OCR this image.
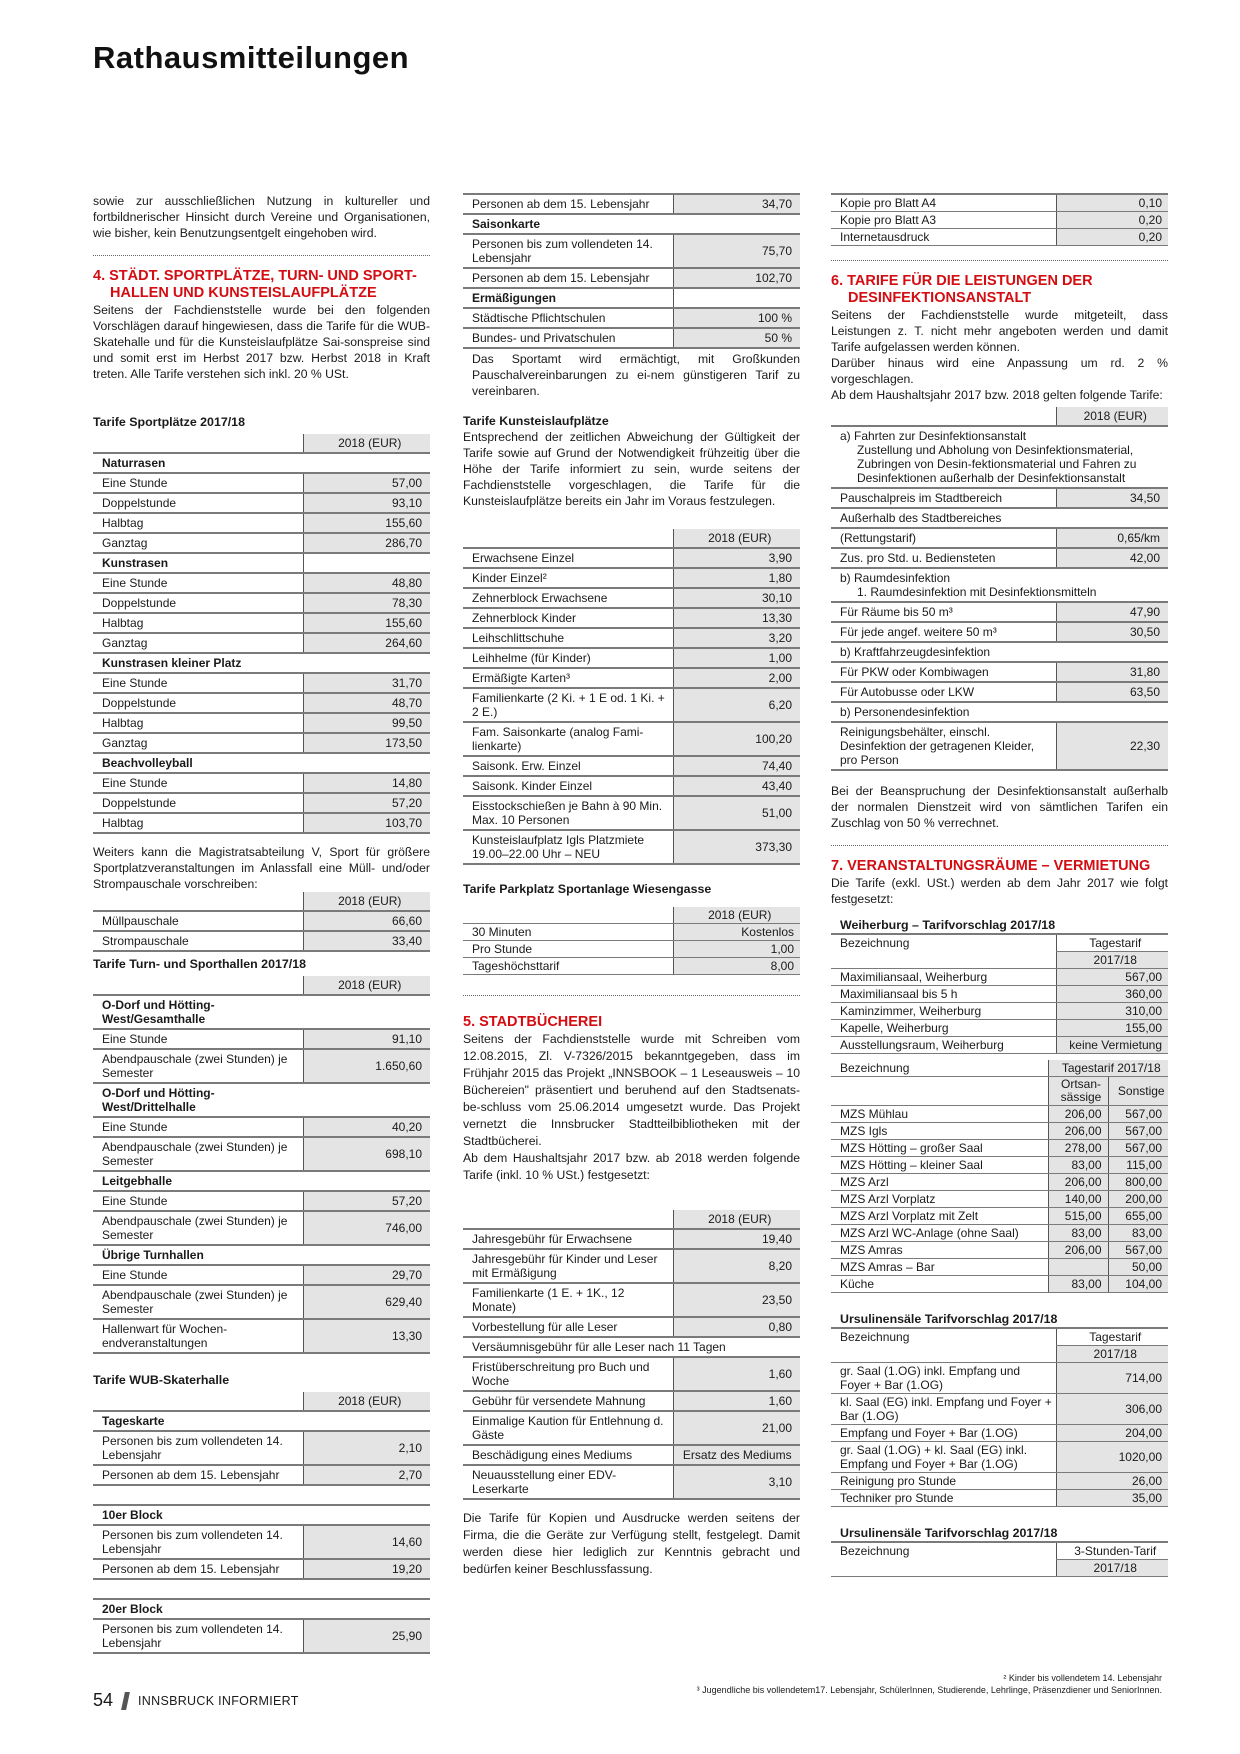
Rathausmitteilungen

sowie zur ausschließlichen Nutzung in kultureller und fortbildnerischer Hinsicht durch Vereine und Organisationen, wie bisher, kein Benutzungsentgelt eingehoben wird.

4. STÄDT. SPORTPLÄTZE, TURN- UND SPORT-
HALLEN UND KUNSTEISLAUFPLÄTZE

Seitens der Fachdienststelle wurde bei den folgenden Vorschlägen darauf hingewiesen, dass die Tarife für die WUB-Skatehalle und für die Kunsteislaufplätze Sai-sonspreise sind und somit erst im Herbst 2017 bzw. Herbst 2018 in Kraft treten. Alle Tarife verstehen sich inkl. 20 % USt.

Tarife Sportplätze 2017/18
	2018 (EUR)
Naturrasen	
Eine Stunde	57,00
Doppelstunde	93,10
Halbtag	155,60
Ganztag	286,70
Kunstrasen	
Eine Stunde	48,80
Doppelstunde	78,30
Halbtag	155,60
Ganztag	264,60
Kunstrasen kleiner Platz	
Eine Stunde	31,70
Doppelstunde	48,70
Halbtag	99,50
Ganztag	173,50
Beachvolleyball	
Eine Stunde	14,80
Doppelstunde	57,20
Halbtag	103,70

Weiters kann die Magistratsabteilung V, Sport für größere Sportplatzveranstaltungen im Anlassfall eine Müll- und/oder Strompauschale vorschreiben:

	2018 (EUR)
Müllpauschale	66,60
Strompauschale	33,40
Tarife Turn- und Sporthallen 2017/18
	2018 (EUR)
O-Dorf und Hötting-West/Gesamthalle	
Eine Stunde	91,10
Abendpauschale (zwei Stunden) je Semester	1.650,60
O-Dorf und Hötting-West/Drittelhalle	
Eine Stunde	40,20
Abendpauschale (zwei Stunden) je Semester	698,10
Leitgebhalle	
Eine Stunde	57,20
Abendpauschale (zwei Stunden) je Semester	746,00
Übrige Turnhallen	
Eine Stunde	29,70
Abendpauschale (zwei Stunden) je Semester	629,40
Hallenwart für Wochen-endveranstaltungen	13,30
Tarife WUB-Skaterhalle
	2018 (EUR)
Tageskarte	
Personen bis zum vollendeten 14. Lebensjahr	2,10
Personen ab dem 15. Lebensjahr	2,70

10er Block	
Personen bis zum vollendeten 14. Lebensjahr	14,60
Personen ab dem 15. Lebensjahr	19,20

20er Block	
Personen bis zum vollendeten 14. Lebensjahr	25,90
Personen ab dem 15. Lebensjahr	34,70
Saisonkarte	
Personen bis zum vollendeten 14. Lebensjahr	75,70
Personen ab dem 15. Lebensjahr	102,70
Ermäßigungen	
Städtische Pflichtschulen	100 %
Bundes- und Privatschulen	50 %

Das Sportamt wird ermächtigt, mit Großkunden Pauschalvereinbarungen zu ei-nem günstigeren Tarif zu vereinbaren.

Tarife Kunsteislaufplätze

Entsprechend der zeitlichen Abweichung der Gültigkeit der Tarife sowie auf Grund der Notwendigkeit frühzeitig über die Höhe der Tarife informiert zu sein, wurde seitens der Fachdienststelle vorgeschlagen, die Tarife für die Kunsteislaufplätze bereits ein Jahr im Voraus festzulegen.

	2018 (EUR)
Erwachsene Einzel	3,90
Kinder Einzel²	1,80
Zehnerblock Erwachsene	30,10
Zehnerblock Kinder	13,30
Leihschlittschuhe	3,20
Leihhelme (für Kinder)	1,00
Ermäßigte Karten³	2,00
Familienkarte (2 Ki. + 1 E od. 1 Ki. + 2 E.)	6,20
Fam. Saisonkarte (analog Fami-lienkarte)	100,20
Saisonk. Erw. Einzel	74,40
Saisonk. Kinder Einzel	43,40
Eisstockschießen je Bahn à 90 Min. Max. 10 Personen	51,00
Kunsteislaufplatz Igls Platzmiete 19.00–22.00 Uhr – NEU	373,30
Tarife Parkplatz Sportanlage Wiesengasse
	2018 (EUR)
30 Minuten	Kostenlos
Pro Stunde	1,00
Tageshöchsttarif	8,00
5. STADTBÜCHEREI

Seitens der Fachdienststelle wurde mit Schreiben vom 12.08.2015, Zl. V-7326/2015 bekanntgegeben, dass im Frühjahr 2015 das Projekt „INNSBOOK – 1 Leseausweis – 10 Büchereien" präsentiert und beruhend auf den Stadtsenats-be-schluss vom 25.06.2014 umgesetzt wurde. Das Projekt vernetzt die Innsbrucker Stadtteilbibliotheken mit der Stadtbücherei.

Ab dem Haushaltsjahr 2017 bzw. ab 2018 werden folgende Tarife (inkl. 10 % USt.) festgesetzt:

	2018 (EUR)
Jahresgebühr für Erwachsene	19,40
Jahresgebühr für Kinder und Leser mit Ermäßigung	8,20
Familienkarte (1 E. + 1K., 12 Monate)	23,50
Vorbestellung für alle Leser	0,80
Versäumnisgebühr für alle Leser nach 11 Tagen	
Fristüberschreitung pro Buch und Woche	1,60
Gebühr für versendete Mahnung	1,60
Einmalige Kaution für Entlehnung d. Gäste	21,00
Beschädigung eines Mediums	Ersatz des Mediums
Neuausstellung einer EDV-Leserkarte	3,10

Die Tarife für Kopien und Ausdrucke werden seitens der Firma, die die Geräte zur Verfügung stellt, festgelegt. Damit werden diese hier lediglich zur Kenntnis gebracht und bedürfen keiner Beschlussfassung.

Kopie pro Blatt A4	0,10
Kopie pro Blatt A3	0,20
Internetausdruck	0,20
6. TARIFE FÜR DIE LEISTUNGEN DER
DESINFEKTIONSANSTALT

Seitens der Fachdienststelle wurde mitgeteilt, dass Leistungen z. T. nicht mehr angeboten werden und damit Tarife aufgelassen werden können.

Darüber hinaus wird eine Anpassung um rd. 2 % vorgeschlagen.

Ab dem Haushaltsjahr 2017 bzw. 2018 gelten folgende Tarife:

	2018 (EUR)
a) Fahrten zur Desinfektionsanstalt
Zustellung und Abholung von Desinfektionsmaterial, Zubringen von Desin-fektionsmaterial und Fahren zu Desinfektionen außerhalb der Desinfektionsanstalt	

Pauschalpreis im Stadtbereich	34,50
Außerhalb des Stadtbereiches	
(Rettungstarif)	0,65/km
Zus. pro Std. u. Bediensteten	42,00
b) Raumdesinfektion
1. Raumdesinfektion mit Desinfektionsmitteln	

Für Räume bis 50 m³	47,90
Für jede angef. weitere 50 m³	30,50
b) Kraftfahrzeugdesinfektion	
Für PKW oder Kombiwagen	31,80
Für Autobusse oder LKW	63,50
b) Personendesinfektion	
Reinigungsbehälter, einschl. Desinfektion der getragenen Kleider, pro Person	22,30

Bei der Beanspruchung der Desinfektionsanstalt außerhalb der normalen Dienstzeit wird von sämtlichen Tarifen ein Zuschlag von 50 % verrechnet.

7. VERANSTALTUNGSRÄUME – VERMIETUNG

Die Tarife (exkl. USt.) werden ab dem Jahr 2017 wie folgt festgesetzt:

Weiherburg – Tarifvorschlag 2017/18	
Bezeichnung	Tagestarif
	2017/18
Maximiliansaal, Weiherburg	567,00
Maximiliansaal bis 5 h	360,00
Kaminzimmer, Weiherburg	310,00
Kapelle, Weiherburg	155,00
Ausstellungsraum, Weiherburg	keine Vermietung
Bezeichnung	Tagestarif 2017/18	
	Ortsan-sässige	Sonstige
MZS Mühlau	206,00	567,00
MZS Igls	206,00	567,00
MZS Hötting – großer Saal	278,00	567,00
MZS Hötting – kleiner Saal	83,00	115,00
MZS Arzl	206,00	800,00
MZS Arzl Vorplatz	140,00	200,00
MZS Arzl Vorplatz mit Zelt	515,00	655,00
MZS Arzl WC-Anlage (ohne Saal)	83,00	83,00
MZS Amras	206,00	567,00
MZS Amras – Bar		50,00
Küche	83,00	104,00
Ursulinensäle Tarifvorschlag 2017/18	
Bezeichnung	Tagestarif
	2017/18
gr. Saal (1.OG) inkl. Empfang und Foyer + Bar (1.OG)	714,00
kl. Saal (EG) inkl. Empfang und Foyer + Bar (1.OG)	306,00
Empfang und Foyer + Bar (1.OG)	204,00
gr. Saal (1.OG) + kl. Saal (EG) inkl. Empfang und Foyer + Bar (1.OG)	1020,00
Reinigung pro Stunde	26,00
Techniker pro Stunde	35,00
Ursulinensäle Tarifvorschlag 2017/18	
Bezeichnung	3-Stunden-Tarif
	2017/18
54 INNSBRUCK INFORMIERT
² Kinder bis vollendetem 14. Lebensjahr
³ Jugendliche bis vollendetem17. Lebensjahr, SchülerInnen, Studierende, Lehrlinge, Präsenzdiener und SeniorInnen.
